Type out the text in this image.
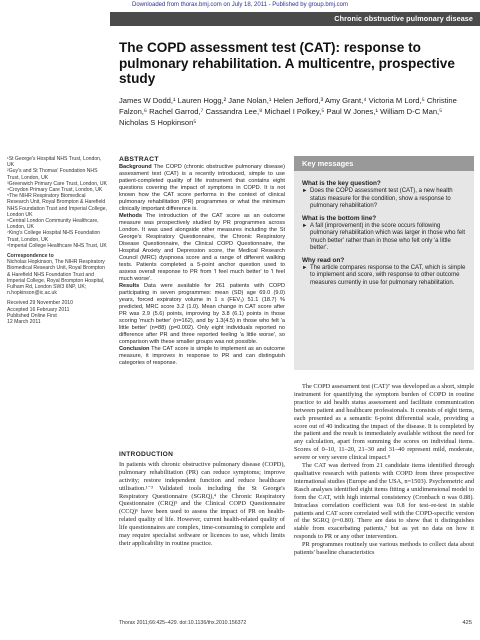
Downloaded from thorax.bmj.com on July 18, 2011 - Published by group.bmj.com
Chronic obstructive pulmonary disease
The COPD assessment test (CAT): response to pulmonary rehabilitation. A multicentre, prospective study
James W Dodd,¹ Lauren Hogg,² Jane Nolan,¹ Helen Jefford,³ Amy Grant,⁴ Victoria M Lord,⁵ Christine Falzon,⁶ Rachel Garrod,⁷ Cassandra Lee,⁸ Michael I Polkey,⁵ Paul W Jones,¹ William D-C Man,⁵ Nicholas S Hopkinson⁵

¹St George's Hospital NHS Trust, London, UK

²Guy's and St Thomas' Foundation NHS Trust, London, UK

³Greenwich Primary Care Trust, London, UK

⁴Croydon Primary Care Trust, London, UK

⁵The NIHR Respiratory Biomedical Research Unit, Royal Brompton & Harefield NHS Foundation Trust and Imperial College, London UK

⁶Central London Community Healthcare, London, UK

⁷King's College Hospital NHS Foundation Trust, London, UK

⁸Imperial College Healthcare NHS Trust, UK

Correspondence to

Nicholas Hopkinson, The NIHR Respiratory Biomedical Research Unit, Royal Brompton & Harefield NHS Foundation Trust and Imperial College, Royal Brompton Hospital, Fulham Rd, London SW3 6NP, UK; n.hopkinson@ic.ac.uk

Received 29 November 2010

Accepted 16 February 2011

Published Online First

12 March 2011

ABSTRACT

Background The COPD (chronic obstructive pulmonary disease) assessment test (CAT) is a recently introduced, simple to use patient-completed quality of life instrument that contains eight questions covering the impact of symptoms in COPD. It is not known how the CAT score performs in the context of clinical pulmonary rehabilitation (PR) programmes or what the minimum clinically important difference is.

Methods The introduction of the CAT score as an outcome measure was prospectively studied by PR programmes across London. It was used alongside other measures including the St George's Respiratory Questionnaire, the Chronic Respiratory Disease Questionnaire, the Clinical COPD Questionnaire, the Hospital Anxiety and Depression score, the Medical Research Council (MRC) dyspnoea score and a range of different walking tests. Patients completed a 5-point anchor question used to assess overall response to PR from 'I feel much better' to 'I feel much worse'.

Results Data were available for 261 patients with COPD participating in seven programmes: mean (SD) age 69.0 (9.0) years, forced expiratory volume in 1 s (FEV₁) 51.1 (18.7) % predicted, MRC score 3.2 (1.0). Mean change in CAT score after PR was 2.9 (5.6) points, improving by 3.8 (6.1) points in those scoring 'much better' (n=162), and by 1.3(4.5) in those who felt 'a little better' (n=88) (p=0.002). Only eight individuals reported no difference after PR and three reported feeling 'a little worse', so comparison with these smaller groups was not possible.

Conclusion The CAT score is simple to implement as an outcome measure, it improves in response to PR and can distinguish categories of response.

INTRODUCTION

In patients with chronic obstructive pulmonary disease (COPD), pulmonary rehabilitation (PR) can reduce symptoms; improve activity; restore independent function and reduce healthcare utilisation.¹⁻³ Validated tools including the St George's Respiratory Questionnaire (SGRQ),⁴ the Chronic Respiratory Questionnaire (CRQ)⁵ and the Clinical COPD Questionnaire (CCQ)⁶ have been used to assess the impact of PR on health-related quality of life. However, current health-related quality of life questionnaires are complex, time-consuming to complete and may require specialist software or licences to use, which limits their applicability in routine practice.

Key messages
What is the key question?
► Does the COPD assessment test (CAT), a new health status measure for the condition, show a response to pulmonary rehabilitation?
What is the bottom line?
► A fall (improvement) in the score occurs following pulmonary rehabilitation which was larger in those who felt 'much better' rather than in those who felt only 'a little better'.
Why read on?
► The article compares response to the CAT, which is simple to implement and score, with response to other outcome measures currently in use for pulmonary rehabilitation.

The COPD assessment test (CAT)⁷ was developed as a short, simple instrument for quantifying the symptom burden of COPD in routine practice to aid health status assessment and facilitate communication between patient and healthcare professionals. It consists of eight items, each presented as a semantic 6-point differential scale, providing a score out of 40 indicating the impact of the disease. It is completed by the patient and the result is immediately available without the need for any calculation, apart from summing the scores on individual items. Scores of 0–10, 11–20, 21–30 and 31–40 represent mild, moderate, severe or very severe clinical impact.⁸

The CAT was derived from 21 candidate items identified through qualitative research with patients with COPD from three prospective international studies (Europe and the USA, n=1503). Psychometric and Rasch analyses identified eight items fitting a unidimensional model to form the CAT, with high internal consistency (Cronbach α was 0.88). Intraclass correlation coefficient was 0.8 for test–re-test in stable patients and CAT score correlated well with the COPD-specific version of the SGRQ (r=0.80). There are data to show that it distinguishes stable from exacerbating patients,⁷ but as yet no data on how it responds to PR or any other intervention.

PR programmes routinely use various methods to collect data about patients' baseline characteristics

Thorax 2011;66:425–429. doi:10.1136/thx.2010.156372	425
